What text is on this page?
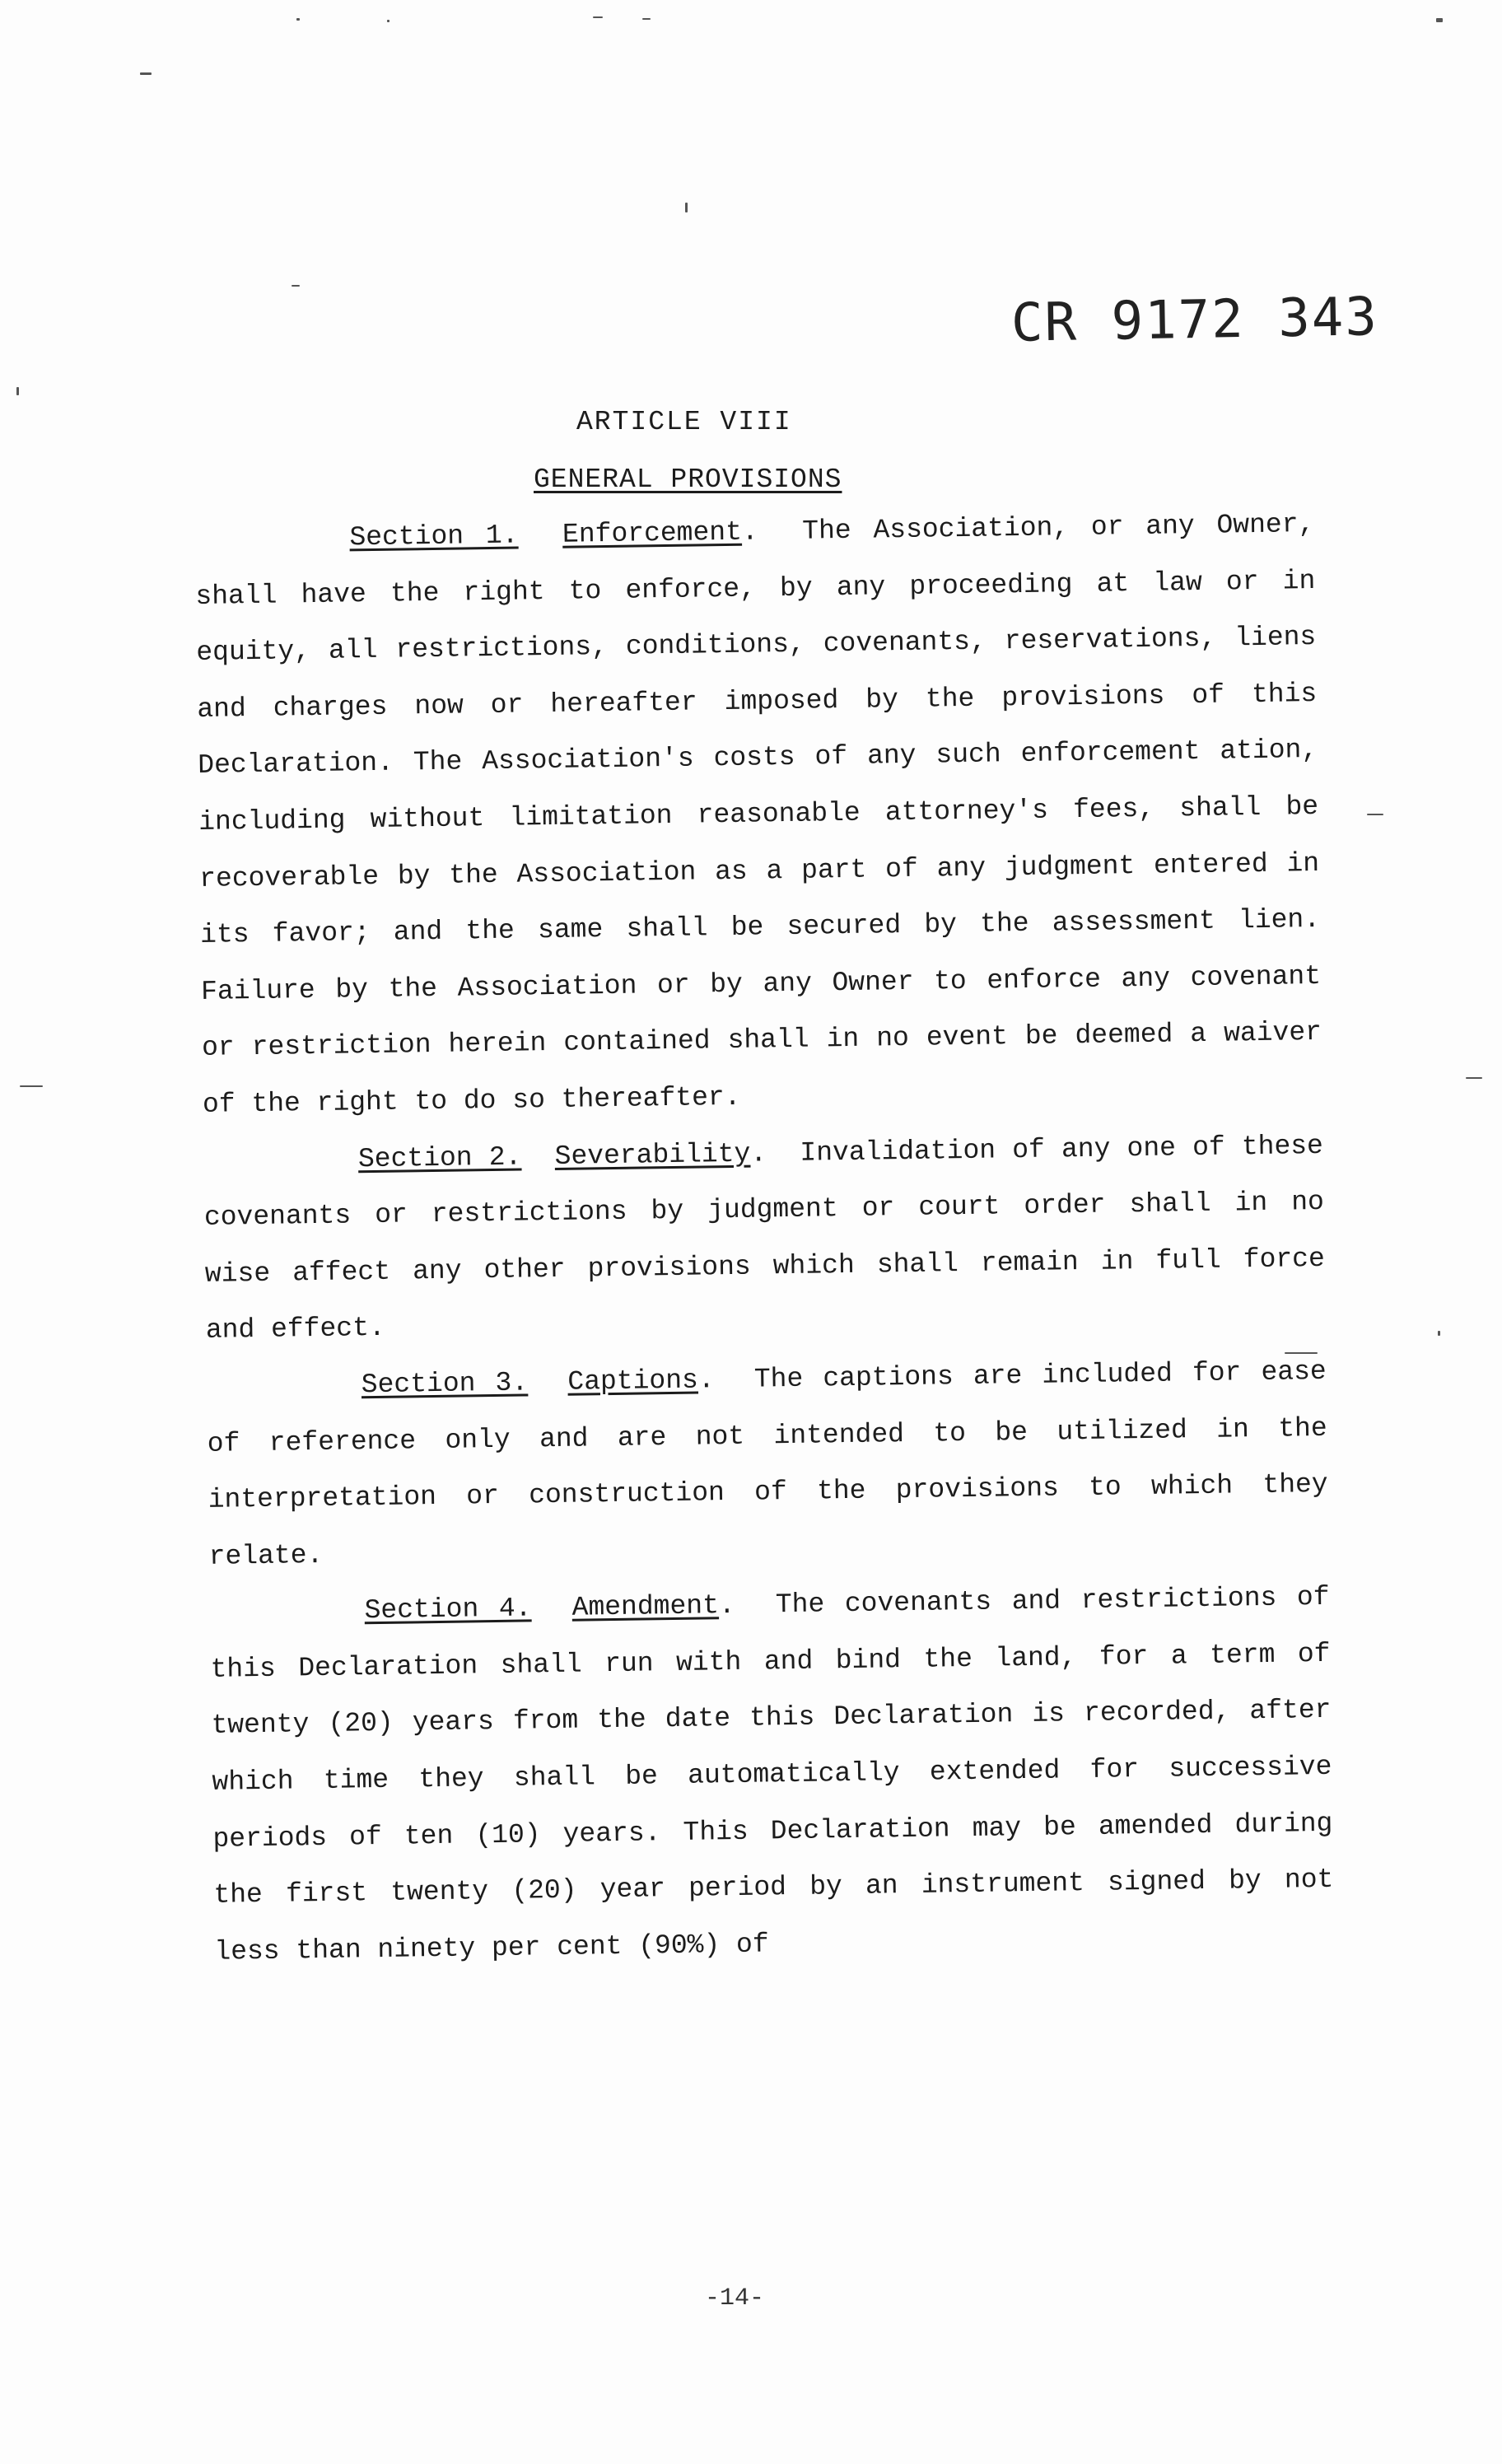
CR 9172 343
ARTICLE VIII
GENERAL PROVISIONS

Section 1. Enforcement.  The Association, or any Owner, shall have the right to enforce, by any proceeding at law or in equity, all restrictions, conditions, covenants, reservations, liens and charges now or hereafter imposed by the provisions of this Declaration. The Association's costs of any such enforcement ation, including without limitation reasonable attorney's fees, shall be recoverable by the Association as a part of any judgment entered in its favor; and the same shall be secured by the assessment lien. Failure by the Association or by any Owner to enforce any covenant or restriction herein contained shall in no event be deemed a waiver of the right to do so thereafter.

Section 2. Severability.  Invalidation of any one of these covenants or restrictions by judgment or court order shall in no wise affect any other provisions which shall remain in full force and effect.

Section 3. Captions.  The captions are included for ease of reference only and are not intended to be utilized in the interpretation or construction of the provisions to which they relate.

Section 4. Amendment.  The covenants and restrictions of this Declaration shall run with and bind the land, for a term of twenty (20) years from the date this Declaration is recorded, after which time they shall be automatically extended for successive periods of ten (10) years. This Declaration may be amended during the first twenty (20) year period by an instrument signed by not less than ninety per cent (90%) of

-14-
